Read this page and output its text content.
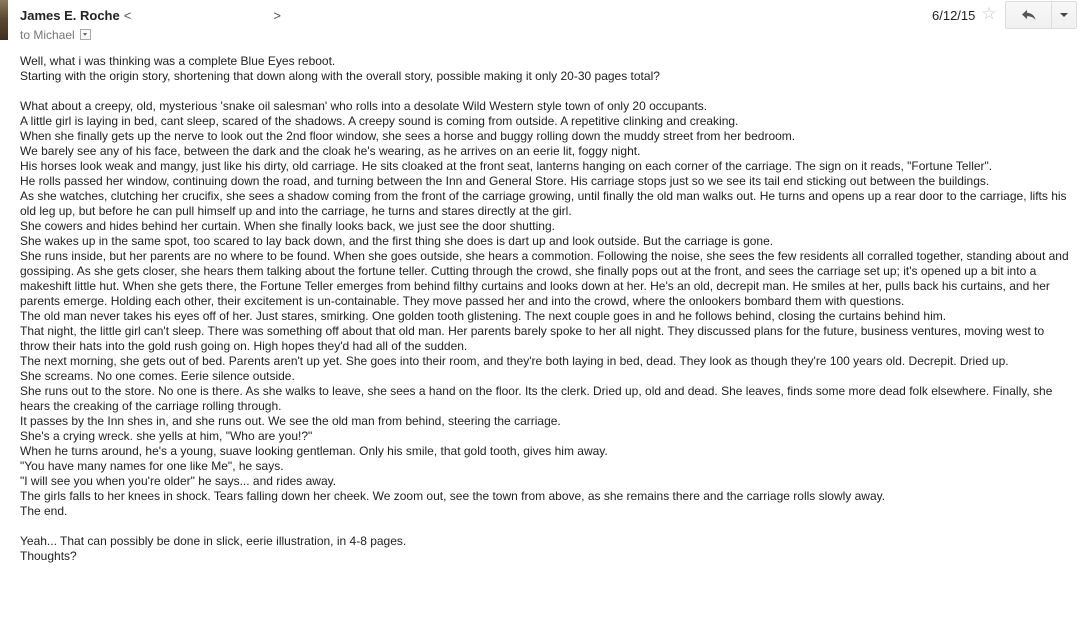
James E. Roche <	>
to Michael
6/12/15 ☆

Well, what i was thinking was a complete Blue Eyes reboot.

Starting with the origin story, shortening that down along with the overall story, possible making it only 20-30 pages total?

What about a creepy, old, mysterious 'snake oil salesman' who rolls into a desolate Wild Western style town of only 20 occupants.

A little girl is laying in bed, cant sleep, scared of the shadows. A creepy sound is coming from outside. A repetitive clinking and creaking.

When she finally gets up the nerve to look out the 2nd floor window, she sees a horse and buggy rolling down the muddy street from her bedroom.

We barely see any of his face, between the dark and the cloak he's wearing, as he arrives on an eerie lit, foggy night.

His horses look weak and mangy, just like his dirty, old carriage. He sits cloaked at the front seat, lanterns hanging on each corner of the carriage. The sign on it reads, "Fortune Teller".

He rolls passed her window, continuing down the road, and turning between the Inn and General Store. His carriage stops just so we see its tail end sticking out between the buildings.

As she watches, clutching her crucifix, she sees a shadow coming from the front of the carriage growing, until finally the old man walks out. He turns and opens up a rear door to the carriage, lifts his old leg up, but before he can pull himself up and into the carriage, he turns and stares directly at the girl.

She cowers and hides behind her curtain. When she finally looks back, we just see the door shutting.

She wakes up in the same spot, too scared to lay back down, and the first thing she does is dart up and look outside. But the carriage is gone.

She runs inside, but her parents are no where to be found. When she goes outside, she hears a commotion. Following the noise, she sees the few residents all corralled together, standing about and gossiping. As she gets closer, she hears them talking about the fortune teller. Cutting through the crowd, she finally pops out at the front, and sees the carriage set up; it's opened up a bit into a makeshift little hut. When she gets there, the Fortune Teller emerges from behind filthy curtains and looks down at her. He's an old, decrepit man. He smiles at her, pulls back his curtains, and her parents emerge. Holding each other, their excitement is un-containable. They move passed her and into the crowd, where the onlookers bombard them with questions.

The old man never takes his eyes off of her. Just stares, smirking. One golden tooth glistening. The next couple goes in and he follows behind, closing the curtains behind him.

That night, the little girl can't sleep. There was something off about that old man. Her parents barely spoke to her all night. They discussed plans for the future, business ventures, moving west to throw their hats into the gold rush going on. High hopes they'd had all of the sudden.

The next morning, she gets out of bed. Parents aren't up yet. She goes into their room, and they're both laying in bed, dead. They look as though they're 100 years old. Decrepit. Dried up.

She screams. No one comes. Eerie silence outside.

She runs out to the store. No one is there. As she walks to leave, she sees a hand on the floor. Its the clerk. Dried up, old and dead. She leaves, finds some more dead folk elsewhere. Finally, she hears the creaking of the carriage rolling through.

It passes by the Inn shes in, and she runs out. We see the old man from behind, steering the carriage.

She's a crying wreck. she yells at him, "Who are you!?"

When he turns around, he's a young, suave looking gentleman. Only his smile, that gold tooth, gives him away.

"You have many names for one like Me", he says.

"I will see you when you're older" he says... and rides away.

The girls falls to her knees in shock. Tears falling down her cheek. We zoom out, see the town from above, as she remains there and the carriage rolls slowly away.

The end.

Yeah... That can possibly be done in slick, eerie illustration, in 4-8 pages.

Thoughts?
